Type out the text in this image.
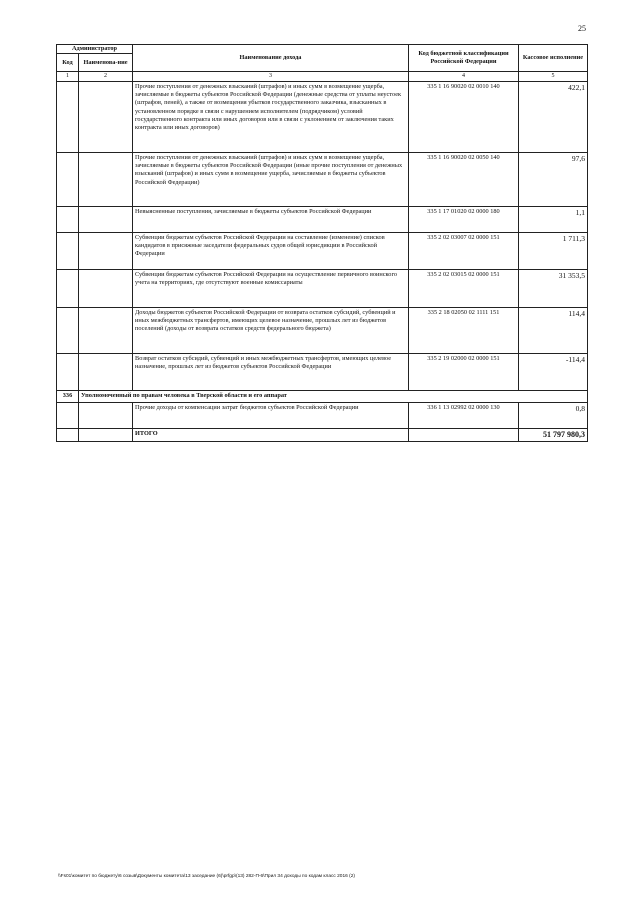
25
Администратор		Наименование дохода	Код бюджетной классификации Российской Федерации	Кассовое исполнение
Код	Наименова-ние			
1	2	3	4	5
		Прочие поступления от денежных взысканий (штрафов) и иных сумм в возмещение ущерба, зачисляемые в бюджеты субъектов Российской Федерации (денежные средства от уплаты неустоек (штрафов, пеней), а также от возмещения убытков государственного заказчика, взысканных в установленном порядке в связи с нарушением исполнителем (подрядчиком) условий государственного контракта или иных договоров или в связи с уклонением от заключения таких контракта или иных договоров)	335 1 16 90020 02 0010 140	422,1
		Прочие поступления от денежных взысканий (штрафов) и иных сумм в возмещение ущерба, зачисляемые в бюджеты субъектов Российской Федерации (иные прочие поступления от денежных взысканий (штрафов) и иных сумм в возмещение ущерба, зачисляемые в бюджеты субъектов Российской Федерации)	335 1 16 90020 02 0050 140	97,6
		Невыясненные поступления, зачисляемые в бюджеты субъектов Российской Федерации	335 1 17 01020 02 0000 180	1,1
		Субвенции бюджетам субъектов Российской Федерации на составление (изменение) списков кандидатов в присяжные заседатели федеральных судов общей юрисдикции в Российской Федерации	335 2 02 03007 02 0000 151	1 711,3
		Субвенции бюджетам субъектов Российской Федерации на осуществление первичного воинского учета на территориях, где отсутствуют военные комиссариаты	335 2 02 03015 02 0000 151	31 353,5
		Доходы бюджетов субъектов Российской Федерации от возврата остатков субсидий, субвенций и иных межбюджетных трансфертов, имеющих целевое назначение, прошлых лет из бюджетов поселений (доходы от возврата остатков средств федерального бюджета)	335 2 18 02050 02 1111 151	114,4
		Возврат остатков субсидий, субвенций и иных межбюджетных трансфертов, имеющих целевое назначение, прошлых лет из бюджетов субъектов Российской Федерации	335 2 19 02000 02 0000 151	-114,4
336	Уполномоченный по правам человека в Тверской области и его аппарат			
		Прочие доходы от компенсации затрат бюджетов субъектов Российской Федерации	336 1 13 02992 02 0000 130	0,8
		ИТОГО		51 797 980,3
\\Fs01\комитет по бюджету\6 созыв\Документы комитета\13 заседание (6)\prfgp\(13) 282-П-6\Прил 34 доходы по кодам класс 2016 (2)
